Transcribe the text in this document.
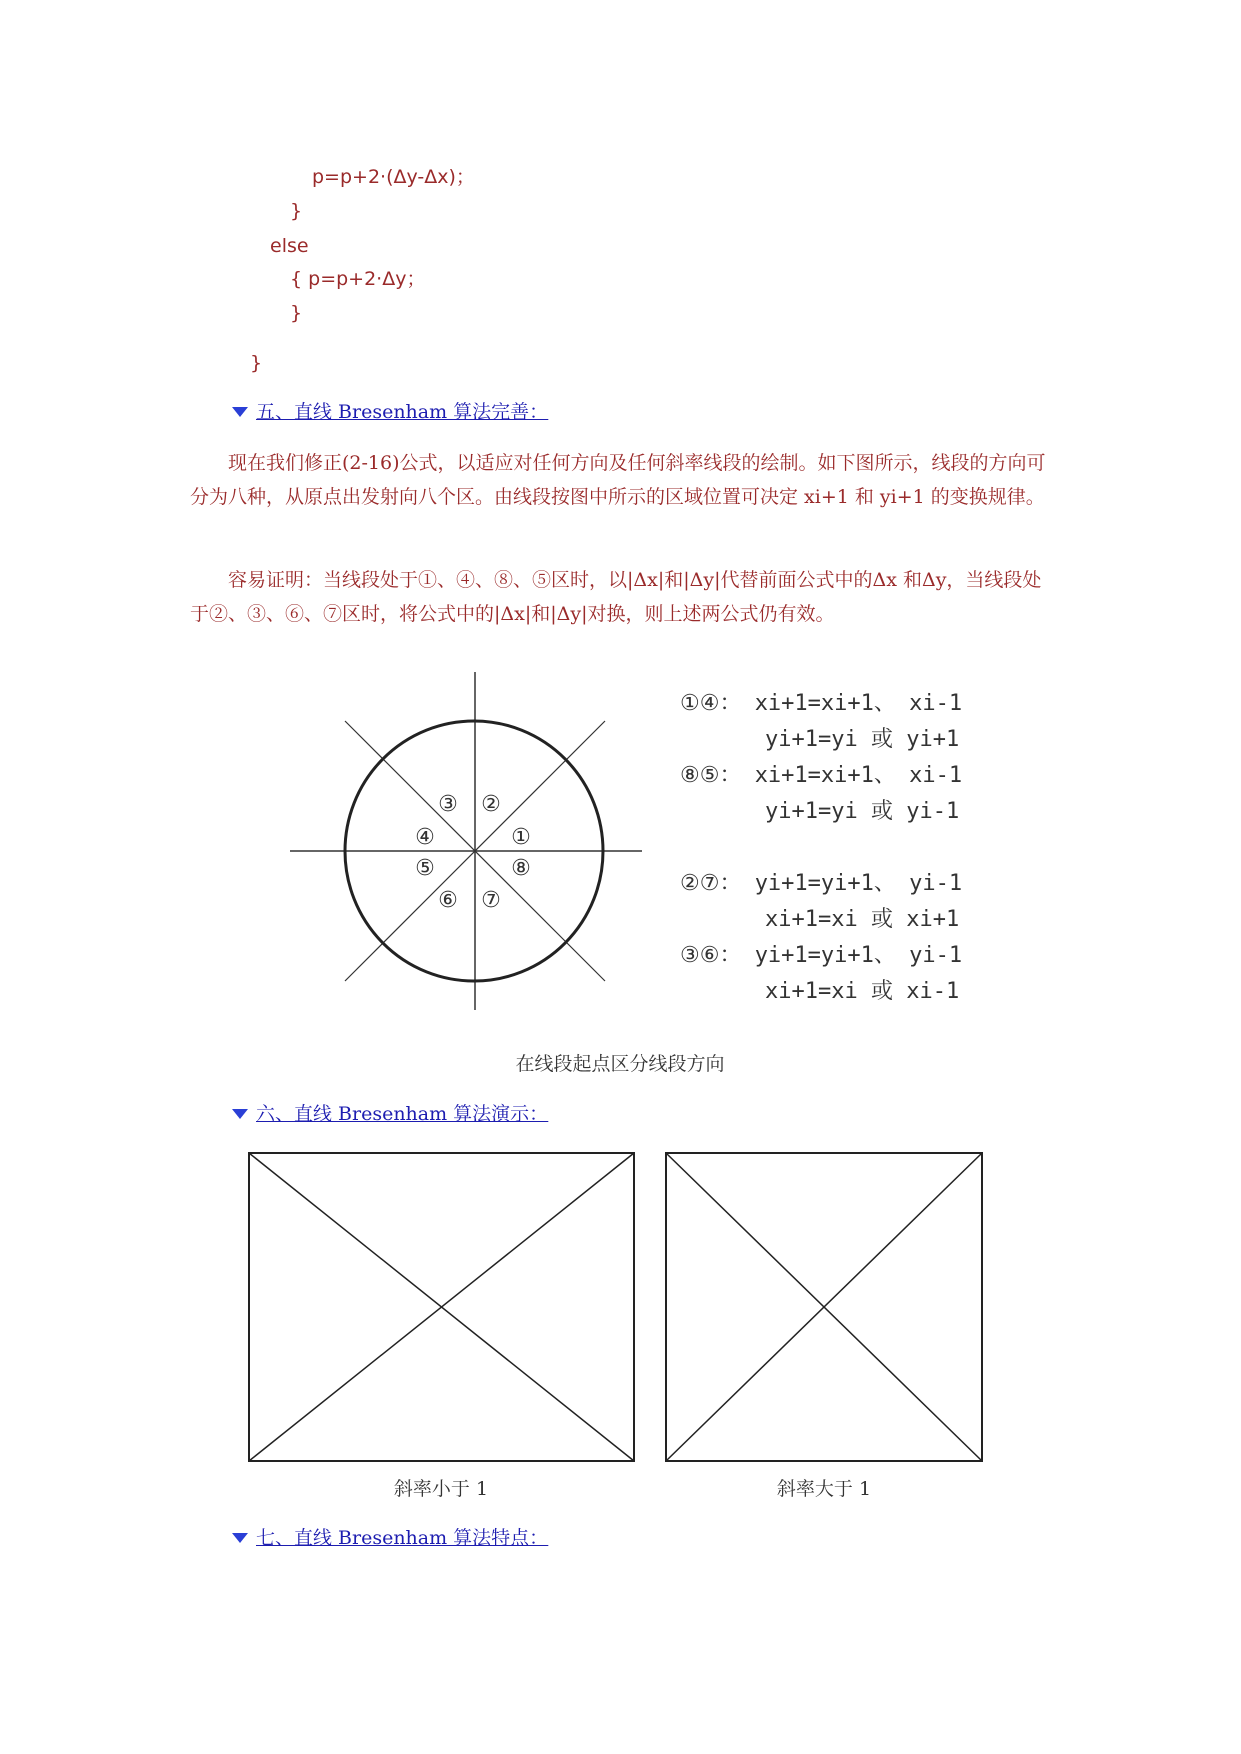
p=p+2·(Δy-Δx)；
}
else
{ p=p+2·Δy；
}
}
五、直线 Bresenham 算法完善：

现在我们修正(2-16)公式，以适应对任何方向及任何斜率线段的绘制。如下图所示，线段的方向可分为八种，从原点出发射向八个区。由线段按图中所示的区域位置可决定 xi+1 和 yi+1 的变换规律。

容易证明：当线段处于①、④、⑧、⑤区时，以|Δx|和|Δy|代替前面公式中的Δx 和Δy，当线段处于②、③、⑥、⑦区时，将公式中的|Δx|和|Δy|对换，则上述两公式仍有效。

①
②
③
④
⑤
⑥ ⑦
⑧
①④： xi+1=xi+1、 xi-1
yi+1=yi 或 yi+1
⑧⑤： xi+1=xi+1、 xi-1
yi+1=yi 或 yi-1
②⑦： yi+1=yi+1、 yi-1
xi+1=xi 或 xi+1
③⑥： yi+1=yi+1、 yi-1
xi+1=xi 或 xi-1
在线段起点区分线段方向
六、直线 Bresenham 算法演示：
斜率小于 1	斜率大于 1
七、直线 Bresenham 算法特点：
